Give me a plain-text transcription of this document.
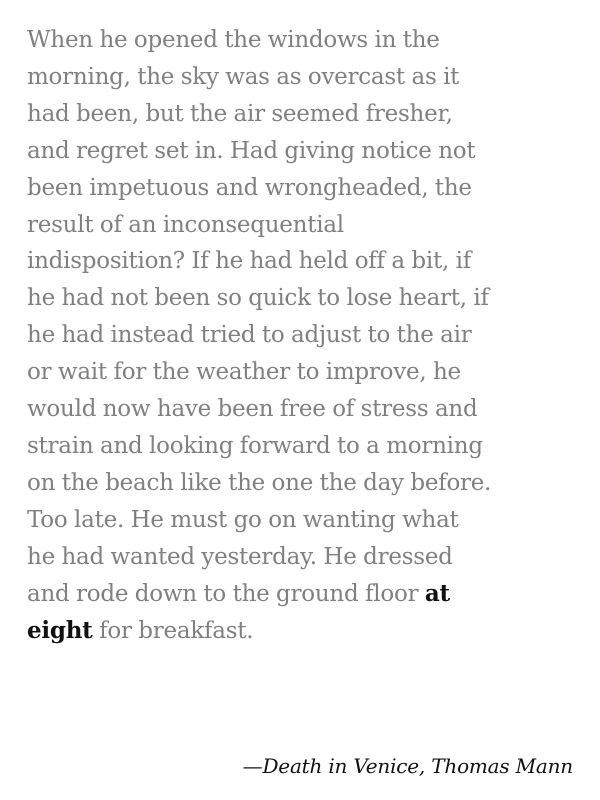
When he opened the windows in the
morning, the sky was as overcast as it
had been, but the air seemed fresher,
and regret set in. Had giving notice not
been impetuous and wrongheaded, the
result of an inconsequential
indisposition? If he had held off a bit, if
he had not been so quick to lose heart, if
he had instead tried to adjust to the air
or wait for the weather to improve, he
would now have been free of stress and
strain and looking forward to a morning
on the beach like the one the day before.
Too late. He must go on wanting what
he had wanted yesterday. He dressed
and rode down to the ground floor at
eight for breakfast.

—Death in Venice, Thomas Mann
